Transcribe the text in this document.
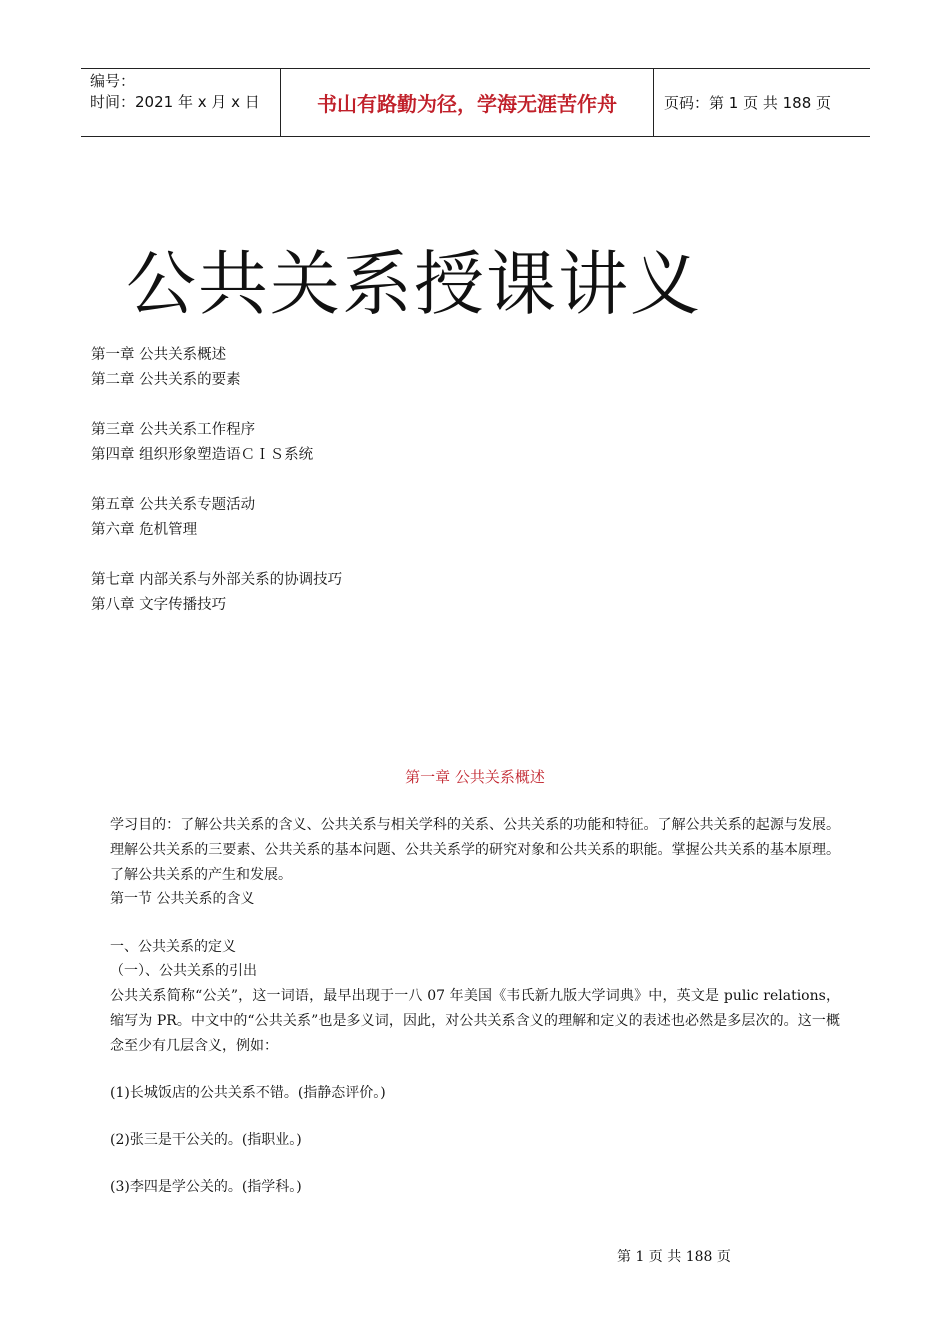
编号：
时间：2021 年 x 月 x 日	书山有路勤为径，学海无涯苦作舟	页码：第 1 页 共 188 页
公共关系授课讲义
第一章 公共关系概述
第二章 公共关系的要素
第三章 公共关系工作程序
第四章 组织形象塑造语ＣＩＳ系统
第五章 公共关系专题活动
第六章 危机管理
第七章 内部关系与外部关系的协调技巧
第八章 文字传播技巧
第一章 公共关系概述
学习目的：了解公共关系的含义、公共关系与相关学科的关系、公共关系的功能和特征。了解公共关系的起源与发展。理解公共关系的三要素、公共关系的基本问题、公共关系学的研究对象和公共关系的职能。掌握公共关系的基本原理。了解公共关系的产生和发展。
第一节 公共关系的含义
一、公共关系的定义
（一）、公共关系的引出
公共关系简称“公关”，这一词语，最早出现于一八 07 年美国《韦氏新九版大学词典》中，英文是 pulic relations，缩写为 PR。中文中的“公共关系”也是多义词，因此，对公共关系含义的理解和定义的表述也必然是多层次的。这一概念至少有几层含义，例如：
(1)长城饭店的公共关系不错。(指静态评价。)
(2)张三是干公关的。(指职业。)
(3)李四是学公关的。(指学科。)
第 1 页 共 188 页
